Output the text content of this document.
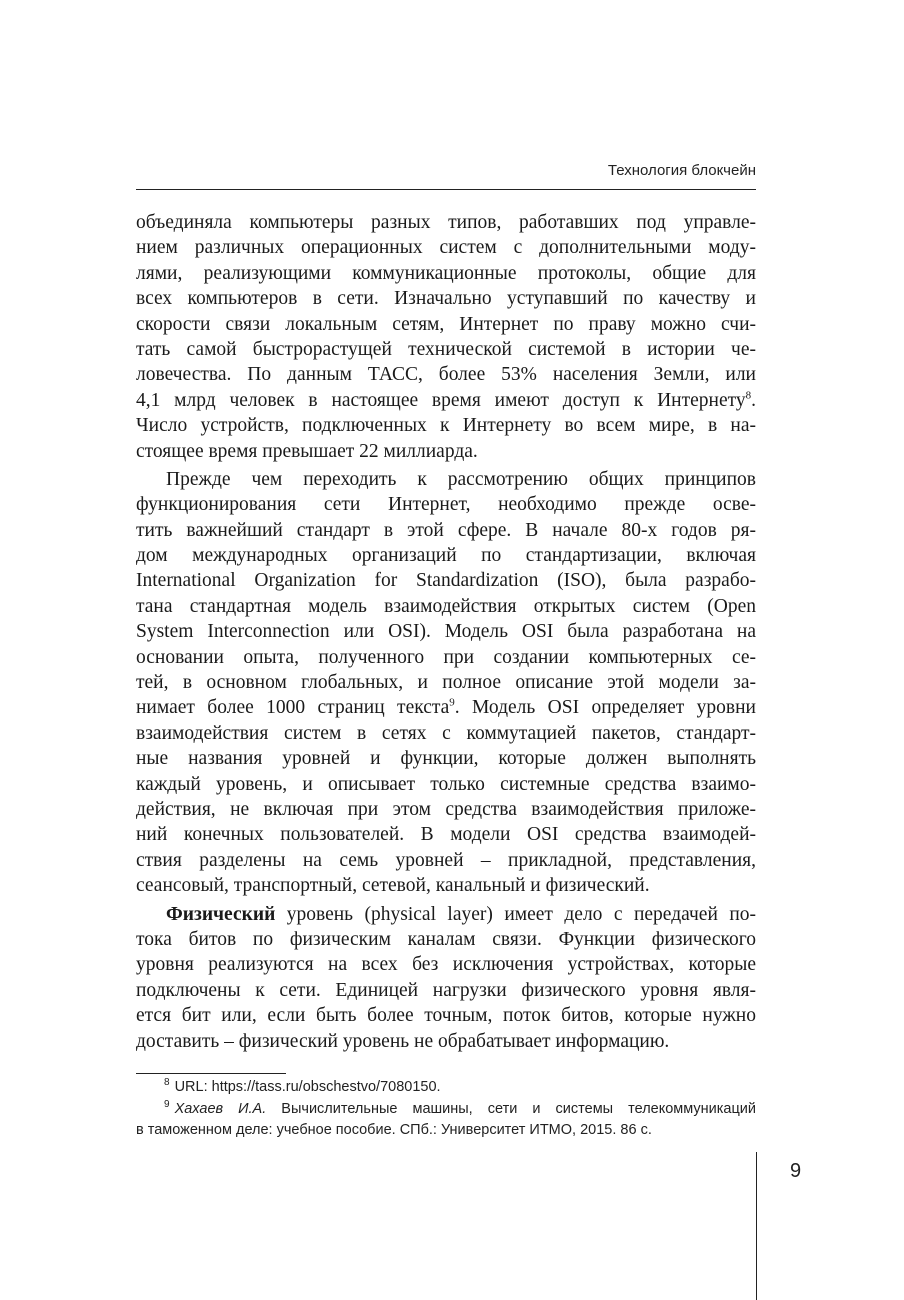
Технология блокчейн
объединяла компьютеры разных типов, работавших под управле-
нием различных операционных систем с дополнительными моду-
лями, реализующими коммуникационные протоколы, общие для
всех компьютеров в сети. Изначально уступавший по качеству и
скорости связи локальным сетям, Интернет по праву можно счи-
тать самой быстрорастущей технической системой в истории че-
ловечества. По данным ТАСС, более 53% населения Земли, или
4,1 млрд человек в настоящее время имеют доступ к Интернету$^8$.
Число устройств, подключенных к Интернету во всем мире, в на-
стоящее время превышает 22 миллиарда.
Прежде чем переходить к рассмотрению общих принципов
функционирования сети Интернет, необходимо прежде осве-
тить важнейший стандарт в этой сфере. В начале 80-х годов ря-
дом международных организаций по стандартизации, включая
International Organization for Standardization (ISO), была разрабо-
тана стандартная модель взаимодействия открытых систем (Open
System Interconnection или OSI). Модель OSI была разработана на
основании опыта, полученного при создании компьютерных се-
тей, в основном глобальных, и полное описание этой модели за-
нимает более 1000 страниц текста$^9$. Модель OSI определяет уровни
взаимодействия систем в сетях с коммутацией пакетов, стандарт-
ные названия уровней и функции, которые должен выполнять
каждый уровень, и описывает только системные средства взаимо-
действия, не включая при этом средства взаимодействия приложе-
ний конечных пользователей. В модели OSI средства взаимодей-
ствия разделены на семь уровней – прикладной, представления,
сеансовый, транспортный, сетевой, канальный и физический.
Физический уровень (physical layer) имеет дело с передачей по-
тока битов по физическим каналам связи. Функции физического
уровня реализуются на всех без исключения устройствах, которые
подключены к сети. Единицей нагрузки физического уровня явля-
ется бит или, если быть более точным, поток битов, которые нужно
доставить – физический уровень не обрабатывает информацию.
$^8$ URL: https://tass.ru/obschestvo/7080150.
$^9$ Хахаев И.А. Вычислительные машины, сети и системы телекоммуникаций
в таможенном деле: учебное пособие. СПб.: Университет ИТМО, 2015. 86 с.
9
